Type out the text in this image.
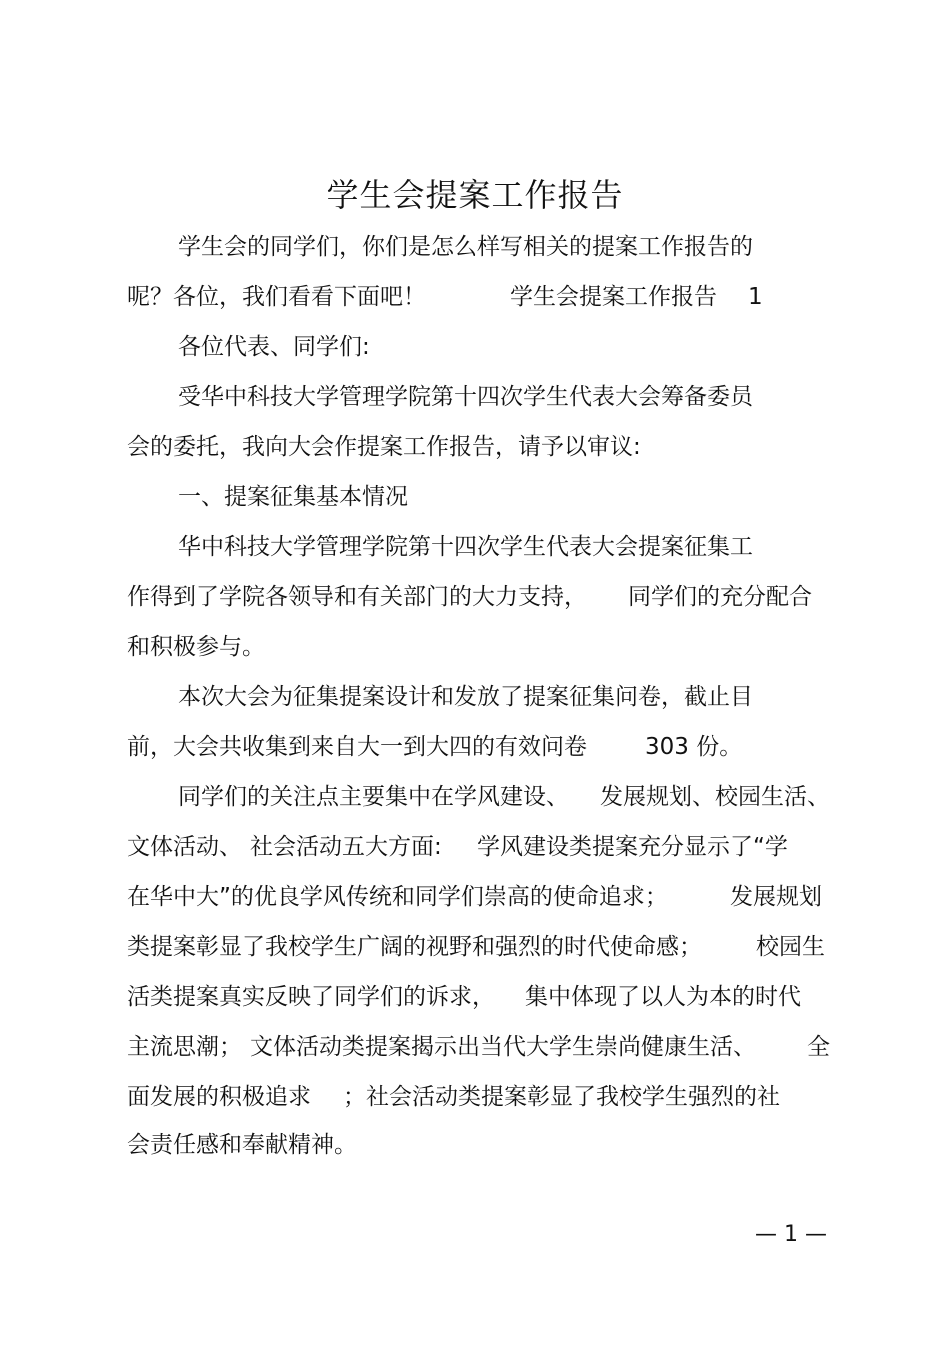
学生会提案工作报告
学生会的同学们，你们是怎么样写相关的提案工作报告的
呢？各位，我们看看下面吧！	学生会提案工作报告 1
各位代表、同学们:
受华中科技大学管理学院第十四次学生代表大会筹备委员
会的委托，我向大会作提案工作报告，请予以审议:
一、提案征集基本情况
华中科技大学管理学院第十四次学生代表大会提案征集工
作得到了学院各领导和有关部门的大力支持， 同学们的充分配合
和积极参与。
本次大会为征集提案设计和发放了提案征集问卷，截止目
前，大会共收集到来自大一到大四的有效问卷	303 份。
同学们的关注点主要集中在学风建设、 发展规划、校园生活、
文体活动、 社会活动五大方面: 学风建设类提案充分显示了“学
在华中大”的优良学风传统和同学们崇高的使命追求；	发展规划
类提案彰显了我校学生广阔的视野和强烈的时代使命感； 校园生
活类提案真实反映了同学们的诉求， 集中体现了以人为本的时代
主流思潮； 文体活动类提案揭示出当代大学生崇尚健康生活、 全
面发展的积极追求 ；社会活动类提案彰显了我校学生强烈的社
会责任感和奉献精神。
— 1 —
